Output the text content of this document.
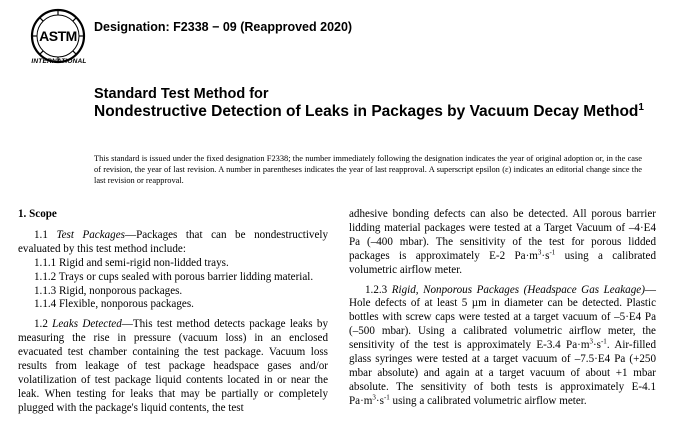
ASTM
INTERNATIONAL
Designation: F2338 − 09 (Reapproved 2020)
Standard Test Method for
Nondestructive Detection of Leaks in Packages by Vacuum Decay Method$^1$
This standard is issued under the fixed designation F2338; the number immediately following the designation indicates the year of original adoption or, in the case of revision, the year of last revision. A number in parentheses indicates the year of last reapproval. A superscript epsilon (ε) indicates an editorial change since the last revision or reapproval.
1. Scope

1.1 Test Packages—Packages that can be nondestructively evaluated by this test method include:

1.1.1 Rigid and semi-rigid non-lidded trays.

1.1.2 Trays or cups sealed with porous barrier lidding material.

1.1.3 Rigid, nonporous packages.

1.1.4 Flexible, nonporous packages.

1.2 Leaks Detected—This test method detects package leaks by measuring the rise in pressure (vacuum loss) in an enclosed evacuated test chamber containing the test package. Vacuum loss results from leakage of test package headspace gases and/or volatilization of test package liquid contents located in or near the leak. When testing for leaks that may be partially or completely plugged with the package's liquid contents, the test

adhesive bonding defects can also be detected. All porous barrier lidding material packages were tested at a Target Vacuum of –4·E4 Pa (–400 mbar). The sensitivity of the test for porous lidded packages is approximately E-2 $Pa\cdot m^3\cdot s^{-1}$ using a calibrated volumetric airflow meter.

1.2.3 Rigid, Nonporous Packages (Headspace Gas Leakage)—Hole defects of at least 5 µm in diameter can be detected. Plastic bottles with screw caps were tested at a target vacuum of –5·E4 Pa (–500 mbar). Using a calibrated volumetric airflow meter, the sensitivity of the test is approximately E-3.4 $Pa\cdot m^3\cdot s^{-1}$. Air-filled glass syringes were tested at a target vacuum of –7.5·E4 Pa (+250 mbar absolute) and again at a target vacuum of about +1 mbar absolute. The sensitivity of both tests is approximately E-4.1 $Pa\cdot m^3\cdot s^{-1}$ using a calibrated volumetric airflow meter.
